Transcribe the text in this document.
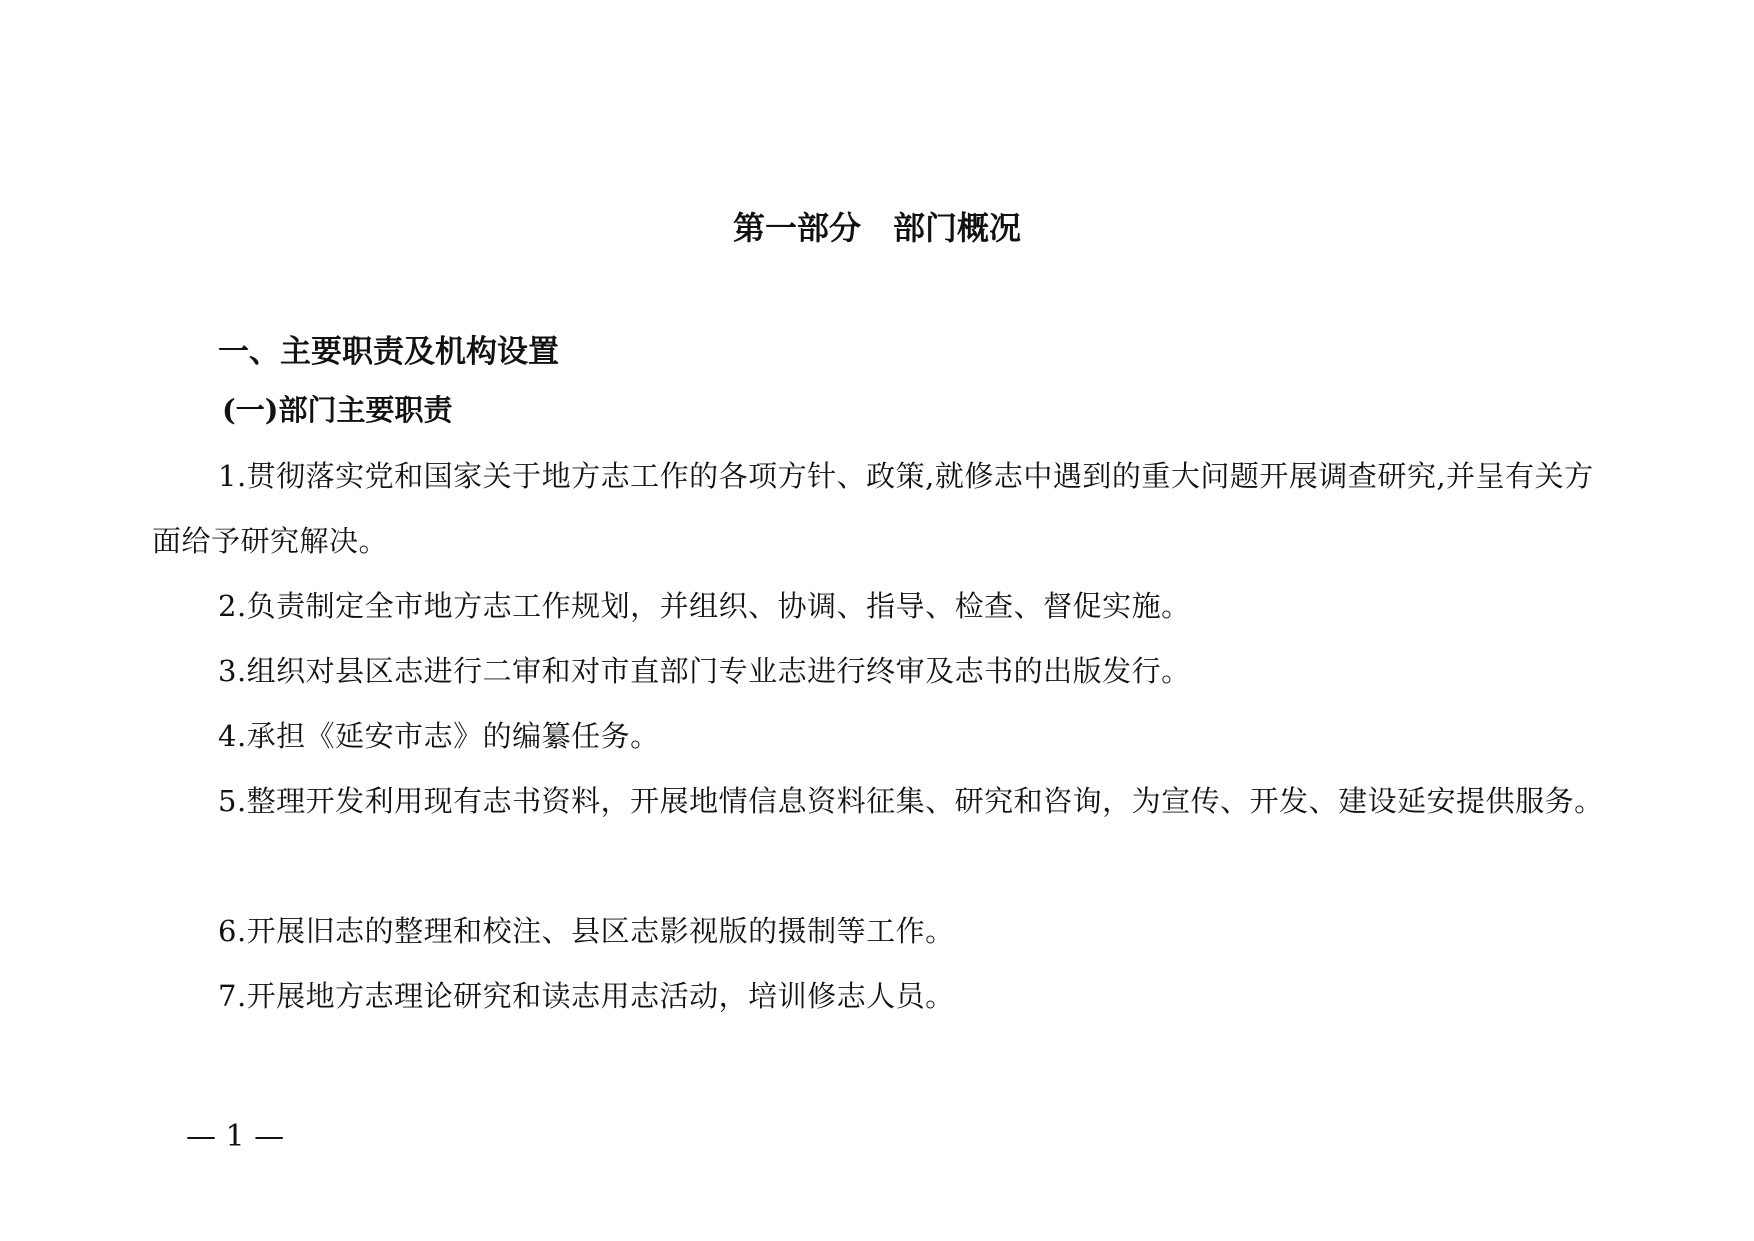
第一部分　部门概况
一、主要职责及机构设置
(一)部门主要职责

1.贯彻落实党和国家关于地方志工作的各项方针、政策,就修志中遇到的重大问题开展调查研究,并呈有关方面给予研究解决。

2.负责制定全市地方志工作规划，并组织、协调、指导、检查、督促实施。

3.组织对县区志进行二审和对市直部门专业志进行终审及志书的出版发行。

4.承担《延安市志》的编纂任务。

5.整理开发利用现有志书资料，开展地情信息资料征集、研究和咨询，为宣传、开发、建设延安提供服务。

6.开展旧志的整理和校注、县区志影视版的摄制等工作。

7.开展地方志理论研究和读志用志活动，培训修志人员。

— 1 —
